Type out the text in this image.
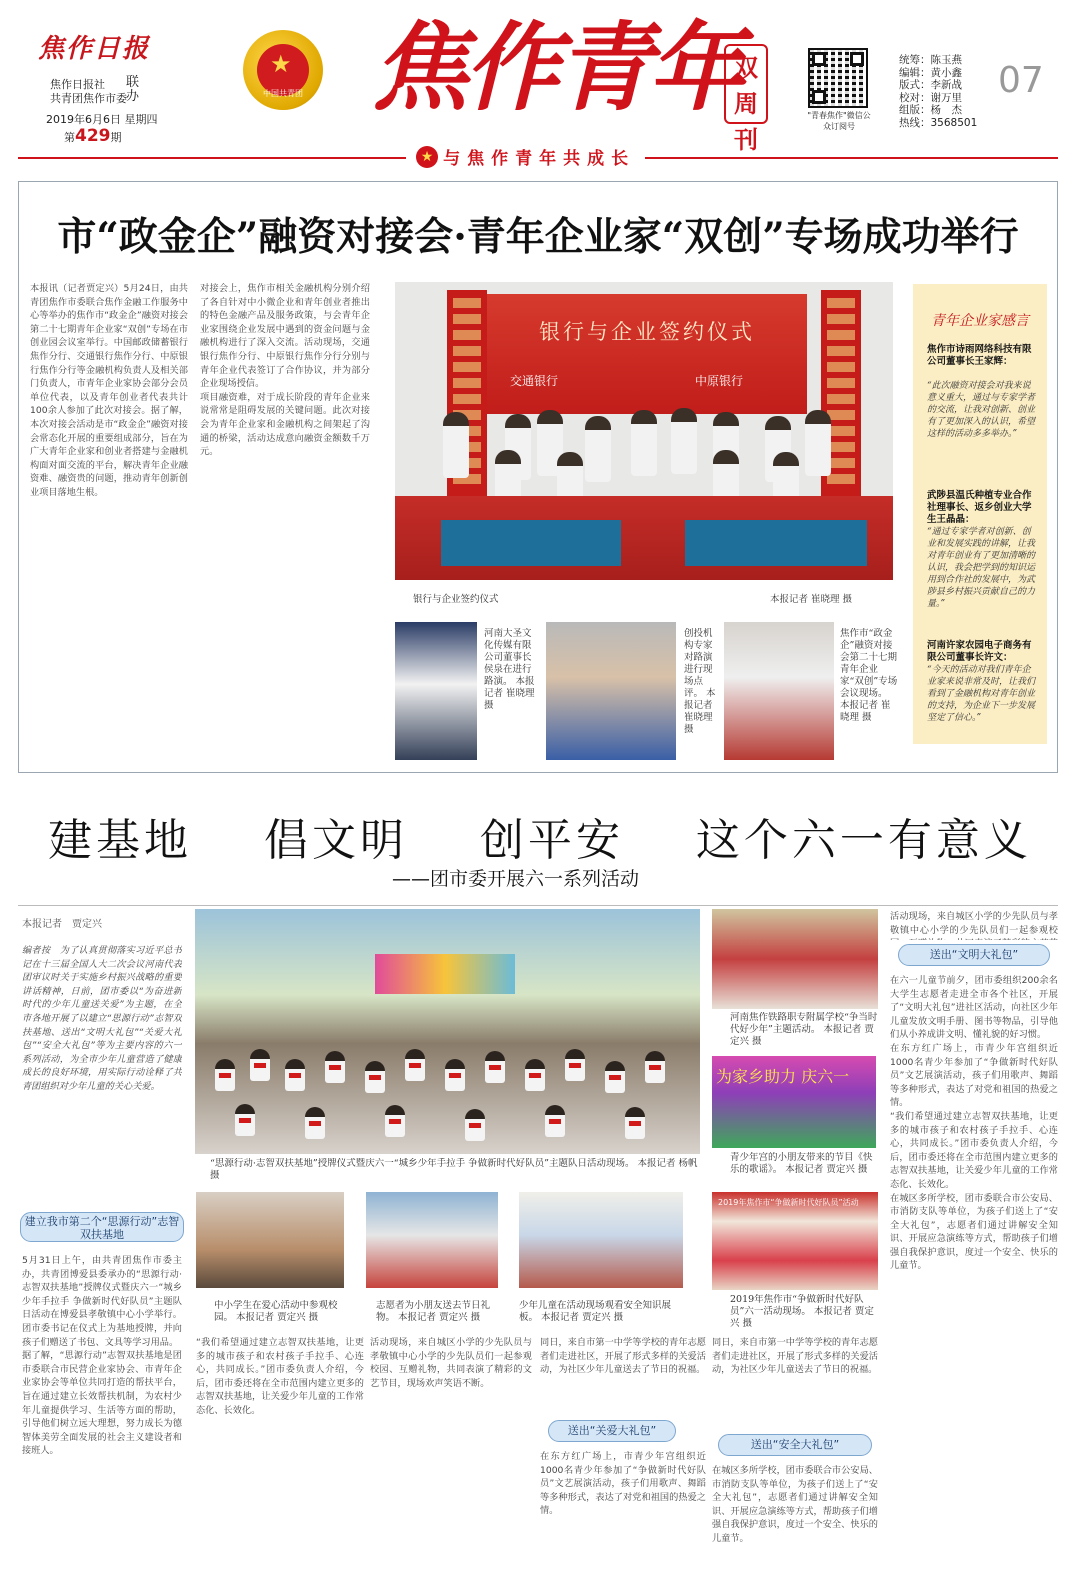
焦作日报
焦作日报社
共青团焦作市委
联办
2019年6月6日 星期四
第429期
★
中国共青团 焦作青年
双周刊
"青春焦作"微信公众订阅号
统筹：陈玉燕
编辑：黄小鑫
版式：李新战
校对：谢万里
组版：杨　杰
热线：3568501
07
★ 与焦作青年共成长
市“政金企”融资对接会·青年企业家“双创”专场成功举行
本报讯（记者贾定兴）5月24日，由共青团焦作市委联合焦作金融工作服务中心等举办的焦作市“政金企”融资对接会第二十七期青年企业家“双创”专场在市创业园会议室举行。中国邮政储蓄银行焦作分行、交通银行焦作分行、中原银行焦作分行等金融机构负责人及相关部门负责人，市青年企业家协会部分会员单位代表，以及青年创业者代表共计100余人参加了此次对接会。据了解，本次对接会活动是市“政金企”融资对接会常态化开展的重要组成部分，旨在为广大青年企业家和创业者搭建与金融机构面对面交流的平台，解决青年企业融资难、融资贵的问题，推动青年创新创业项目落地生根。
对接会上，焦作市相关金融机构分别介绍了各自针对中小微企业和青年创业者推出的特色金融产品及服务政策，与会青年企业家围绕企业发展中遇到的资金问题与金融机构进行了深入交流。活动现场，交通银行焦作分行、中原银行焦作分行分别与青年企业代表签订了合作协议，并为部分企业现场授信。
项目融资难，对于成长阶段的青年企业来说常常是阻碍发展的关键问题。此次对接会为青年企业家和金融机构之间架起了沟通的桥梁，活动达成意向融资金额数千万元。
银行与企业签约仪式
交通银行	中原银行
银行与企业签约仪式	本报记者 崔晓理 摄
河南大圣文化传媒有限公司董事长侯泉在进行路演。 本报记者 崔晓理 摄
创投机构专家对路演进行现场点评。 本报记者 崔晓理 摄
焦作市“政金企”融资对接会第二十七期青年企业家“双创”专场会议现场。 本报记者 崔晓理 摄
青年企业家感言
焦作市诗雨网络科技有限公司董事长王家辉：
“此次融资对接会对我来说意义重大，通过与专家学者的交流，让我对创新、创业有了更加深入的认识，希望这样的活动多多举办。”
武陟县温氏种植专业合作社理事长、返乡创业大学生王晶晶：
“通过专家学者对创新、创业和发展实践的讲解，让我对青年创业有了更加清晰的认识，我会把学到的知识运用到合作社的发展中，为武陟县乡村振兴贡献自己的力量。”
河南许家农园电子商务有限公司董事长许文：
“今天的活动对我们青年企业家来说非常及时，让我们看到了金融机构对青年创业的支持，为企业下一步发展坚定了信心。”
建基地 倡文明 创平安 这个六一有意义
——团市委开展六一系列活动
本报记者　贾定兴
编者按　为了认真贯彻落实习近平总书记在十三届全国人大二次会议河南代表团审议时关于实施乡村振兴战略的重要讲话精神，日前，团市委以“为奋进新时代的少年儿童送关爱”为主题，在全市各地开展了以建立“思源行动”志智双扶基地、送出“文明大礼包”“关爱大礼包”“安全大礼包”等为主要内容的六一系列活动，为全市少年儿童营造了健康成长的良好环境，用实际行动诠释了共青团组织对少年儿童的关心关爱。
建立我市第二个“思源行动”志智双扶基地
5月31日上午，由共青团焦作市委主办，共青团博爱县委承办的“思源行动·志智双扶基地”授牌仪式暨庆六一“城乡少年手拉手 争做新时代好队员”主题队日活动在博爱县孝敬镇中心小学举行。团市委书记在仪式上为基地授牌，并向孩子们赠送了书包、文具等学习用品。
据了解，“思源行动”志智双扶基地是团市委联合市民营企业家协会、市青年企业家协会等单位共同打造的帮扶平台，旨在通过建立长效帮扶机制，为农村少年儿童提供学习、生活等方面的帮助，引导他们树立远大理想，努力成长为德智体美劳全面发展的社会主义建设者和接班人。
“思源行动·志智双扶基地”授牌仪式暨庆六一“城乡少年手拉手 争做新时代好队员”主题队日活动现场。 本报记者 杨帆 摄
中小学生在爱心活动中参观校园。 本报记者 贾定兴 摄
志愿者为小朋友送去节日礼物。 本报记者 贾定兴 摄
少年儿童在活动现场观看安全知识展板。 本报记者 贾定兴 摄
“我们希望通过建立志智双扶基地，让更多的城市孩子和农村孩子手拉手、心连心，共同成长。”团市委负责人介绍，今后，团市委还将在全市范围内建立更多的志智双扶基地，让关爱少年儿童的工作常态化、长效化。
活动现场，来自城区小学的少先队员与孝敬镇中心小学的少先队员们一起参观校园、互赠礼物，共同表演了精彩的文艺节目，现场欢声笑语不断。
送出“关爱大礼包”
同日，来自市第一中学等学校的青年志愿者们走进社区，开展了形式多样的关爱活动，为社区少年儿童送去了节日的祝福。
在东方红广场上，市青少年宫组织近1000名青少年参加了“争做新时代好队员”文艺展演活动，孩子们用歌声、舞蹈等多种形式，表达了对党和祖国的热爱之情。
河南焦作铁路职专附属学校“争当时代好少年”主题活动。 本报记者 贾定兴 摄
为家乡助力 庆六一
青少年宫的小朋友带来的节目《快乐的歌谣》。 本报记者 贾定兴 摄
2019年焦作市“争做新时代好队员”活动
2019年焦作市“争做新时代好队员”六一活动现场。 本报记者 贾定兴 摄
送出“安全大礼包”
同日，来自市第一中学等学校的青年志愿者们走进社区，开展了形式多样的关爱活动，为社区少年儿童送去了节日的祝福。
在城区多所学校，团市委联合市公安局、市消防支队等单位，为孩子们送上了“安全大礼包”，志愿者们通过讲解安全知识、开展应急演练等方式，帮助孩子们增强自我保护意识，度过一个安全、快乐的儿童节。
送出“文明大礼包”
活动现场，来自城区小学的少先队员与孝敬镇中心小学的少先队员们一起参观校
在六一儿童节前夕，团市委组织200余名大学生志愿者走进全市各个社区，开展了“文明大礼包”进社区活动，向社区少年儿童发放文明手册、图书等物品，引导他们从小养成讲文明、懂礼貌的好习惯。
在东方红广场上，市青少年宫组织近1000名青少年参加了“争做新时代好队员”文艺展演活动，孩子们用歌声、舞蹈等多种形式，表达了对党和祖国的热爱之情。
“我们希望通过建立志智双扶基地，让更多的城市孩子和农村孩子手拉手、心连心，共同成长。”团市委负责人介绍，今后，团市委还将在全市范围内建立更多的志智双扶基地，让关爱少年儿童的工作常态化、长效化。
在城区多所学校，团市委联合市公安局、市消防支队等单位，为孩子们送上了“安全大礼包”，志愿者们通过讲解安全知识、开展应急演练等方式，帮助孩子们增强自我保护意识，度过一个安全、快乐的儿童节。
